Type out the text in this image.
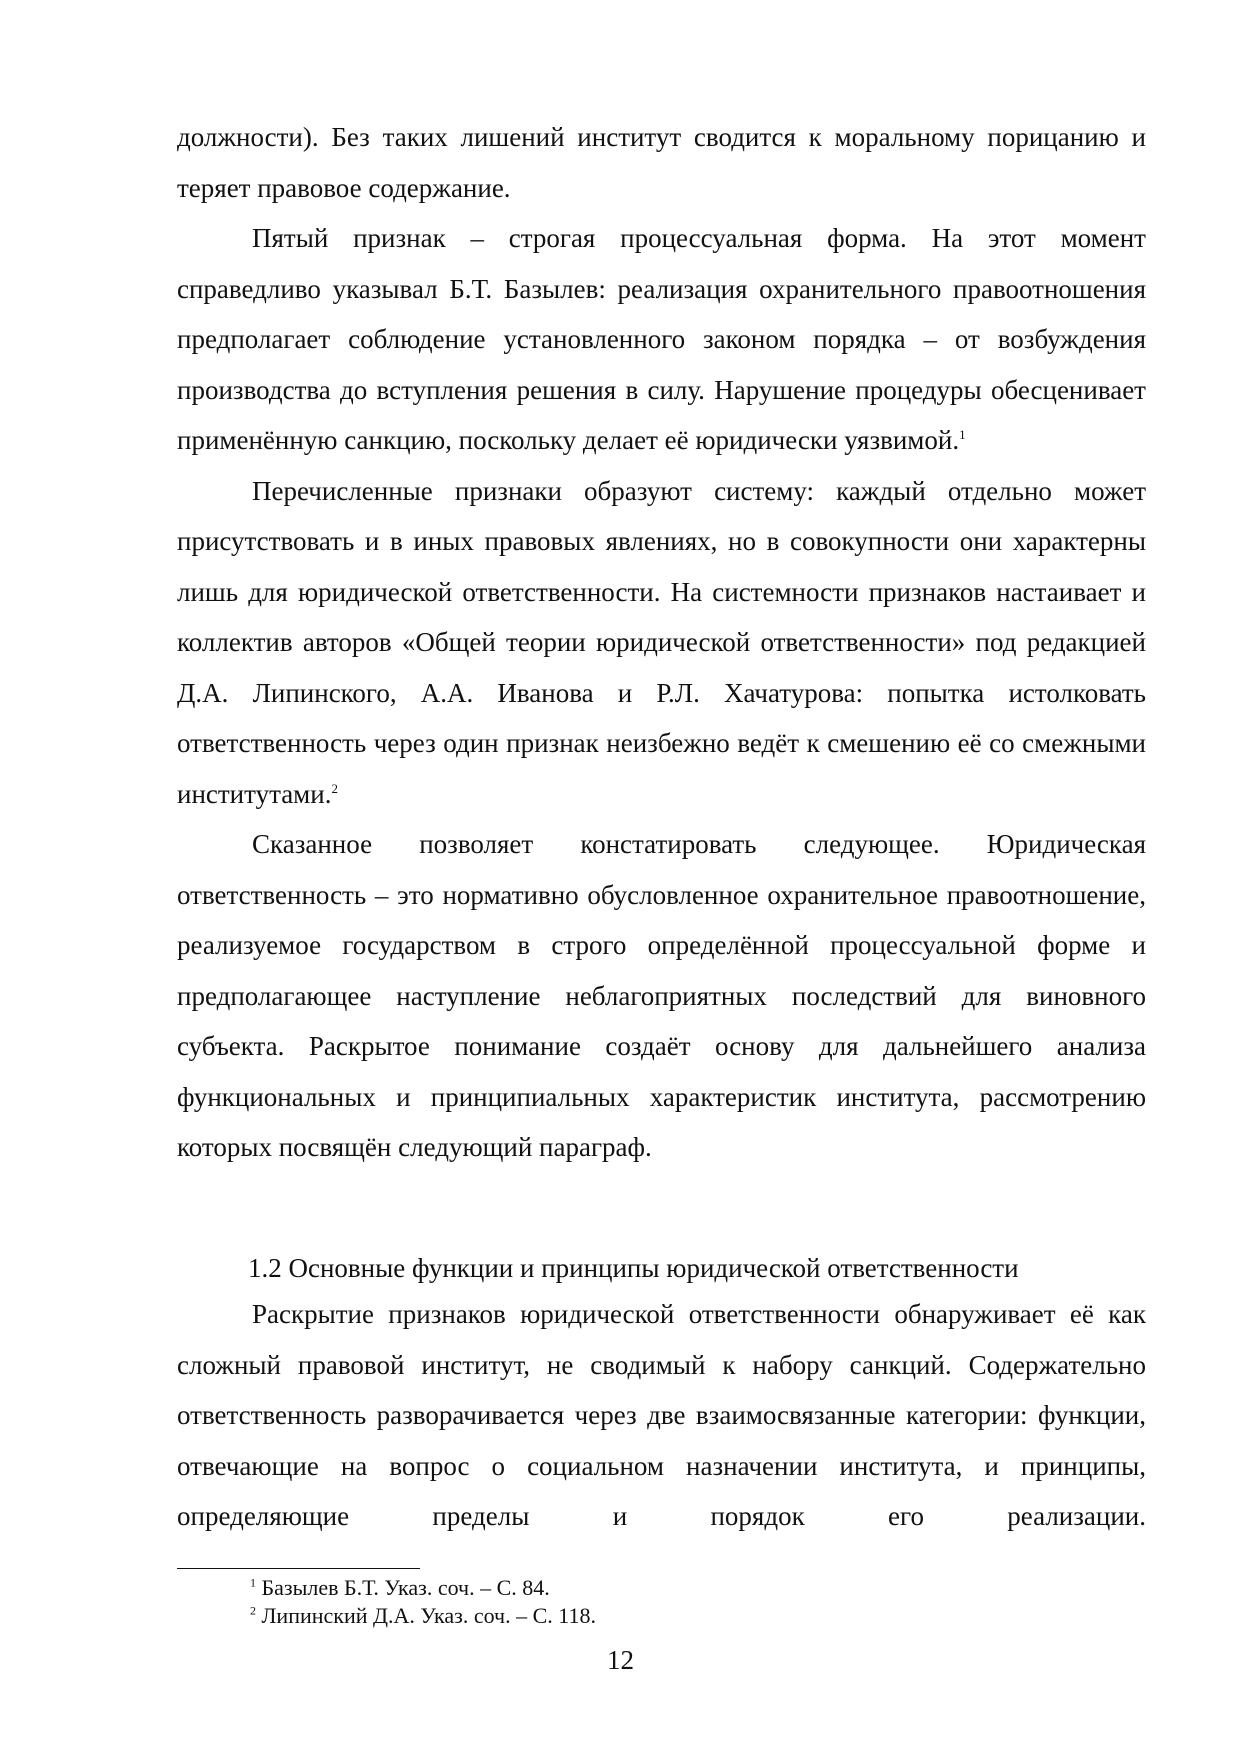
должности). Без таких лишений институт сводится к моральному порицанию и теряет правовое содержание.

Пятый признак – строгая процессуальная форма. На этот момент справедливо указывал Б.Т. Базылев: реализация охранительного правоотношения предполагает соблюдение установленного законом порядка – от возбуждения производства до вступления решения в силу. Нарушение процедуры обесценивает применённую санкцию, поскольку делает её юридически уязвимой.$^1$

Перечисленные признаки образуют систему: каждый отдельно может присутствовать и в иных правовых явлениях, но в совокупности они характерны лишь для юридической ответственности. На системности признаков настаивает и коллектив авторов «Общей теории юридической ответственности» под редакцией Д.А. Липинского, А.А. Иванова и Р.Л. Хачатурова: попытка истолковать ответственность через один признак неизбежно ведёт к смешению её со смежными институтами.$^2$

Сказанное позволяет констатировать следующее. Юридическая ответственность – это нормативно обусловленное охранительное правоотношение, реализуемое государством в строго определённой процессуальной форме и предполагающее наступление неблагоприятных последствий для виновного субъекта. Раскрытое понимание создаёт основу для дальнейшего анализа функциональных и принципиальных характеристик института, рассмотрению которых посвящён следующий параграф.

1.2 Основные функции и принципы юридической ответственности

Раскрытие признаков юридической ответственности обнаруживает её как сложный правовой институт, не сводимый к набору санкций. Содержательно ответственность разворачивается через две взаимосвязанные категории: функции, отвечающие на вопрос о социальном назначении института, и принципы, определяющие пределы и порядок его реализации.

$^1$ Базылев Б.Т. Указ. соч. – С. 84.
$^2$ Липинский Д.А. Указ. соч. – С. 118.
12
